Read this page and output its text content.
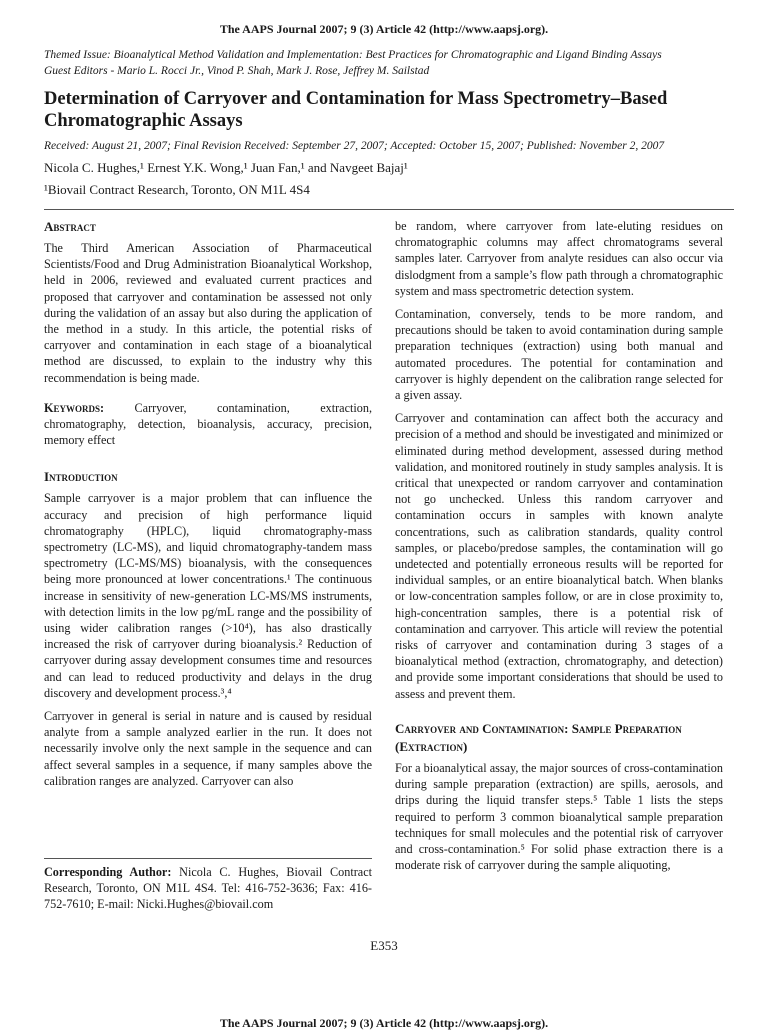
The AAPS Journal 2007; 9 (3) Article 42 (http://www.aapsj.org).
Themed Issue: Bioanalytical Method Validation and Implementation: Best Practices for Chromatographic and Ligand Binding Assays
Guest Editors - Mario L. Rocci Jr., Vinod P. Shah, Mark J. Rose, Jeffrey M. Sailstad
Determination of Carryover and Contamination for Mass Spectrometry–Based Chromatographic Assays
Received: August 21, 2007; Final Revision Received: September 27, 2007; Accepted: October 15, 2007; Published: November 2, 2007
Nicola C. Hughes,¹ Ernest Y.K. Wong,¹ Juan Fan,¹ and Navgeet Bajaj¹
¹Biovail Contract Research, Toronto, ON M1L 4S4
Abstract

The Third American Association of Pharmaceutical Scientists/Food and Drug Administration Bioanalytical Workshop, held in 2006, reviewed and evaluated current practices and proposed that carryover and contamination be assessed not only during the validation of an assay but also during the application of the method in a study. In this article, the potential risks of carryover and contamination in each stage of a bioanalytical method are discussed, to explain to the industry why this recommendation is being made.

Keywords: Carryover, contamination, extraction, chromatography, detection, bioanalysis, accuracy, precision, memory effect

Introduction

Sample carryover is a major problem that can influence the accuracy and precision of high performance liquid chromatography (HPLC), liquid chromatography-mass spectrometry (LC-MS), and liquid chromatography-tandem mass spectrometry (LC-MS/MS) bioanalysis, with the consequences being more pronounced at lower concentrations.¹ The continuous increase in sensitivity of new-generation LC-MS/MS instruments, with detection limits in the low pg/mL range and the possibility of using wider calibration ranges (>10⁴), has also drastically increased the risk of carryover during bioanalysis.² Reduction of carryover during assay development consumes time and resources and can lead to reduced productivity and delays in the drug discovery and development process.³,⁴

Carryover in general is serial in nature and is caused by residual analyte from a sample analyzed earlier in the run. It does not necessarily involve only the next sample in the sequence and can affect several samples in a sequence, if many samples above the calibration ranges are analyzed. Carryover can also

Corresponding Author: Nicola C. Hughes, Biovail Contract Research, Toronto, ON M1L 4S4. Tel: 416-752-3636; Fax: 416-752-7610; E-mail: Nicki.Hughes@biovail.com

be random, where carryover from late-eluting residues on chromatographic columns may affect chromatograms several samples later. Carryover from analyte residues can also occur via dislodgment from a sample’s flow path through a chromatographic system and mass spectrometric detection system.

Contamination, conversely, tends to be more random, and precautions should be taken to avoid contamination during sample preparation techniques (extraction) using both manual and automated procedures. The potential for contamination and carryover is highly dependent on the calibration range selected for a given assay.

Carryover and contamination can affect both the accuracy and precision of a method and should be investigated and minimized or eliminated during method development, assessed during method validation, and monitored routinely in study samples analysis. It is critical that unexpected or random carryover and contamination not go unchecked. Unless this random carryover and contamination occurs in samples with known analyte concentrations, such as calibration standards, quality control samples, or placebo/predose samples, the contamination will go undetected and potentially erroneous results will be reported for individual samples, or an entire bioanalytical batch. When blanks or low-concentration samples follow, or are in close proximity to, high-concentration samples, there is a potential risk of contamination and carryover. This article will review the potential risks of carryover and contamination during 3 stages of a bioanalytical method (extraction, chromatography, and detection) and provide some important considerations that should be used to assess and prevent them.

Carryover and Contamination: Sample Preparation (Extraction)

For a bioanalytical assay, the major sources of cross-contamination during sample preparation (extraction) are spills, aerosols, and drips during the liquid transfer steps.⁵ Table 1 lists the steps required to perform 3 common bioanalytical sample preparation techniques for small molecules and the potential risk of carryover and cross-contamination.⁵ For solid phase extraction there is a moderate risk of carryover during the sample aliquoting,

E353
The AAPS Journal 2007; 9 (3) Article 42 (http://www.aapsj.org).
